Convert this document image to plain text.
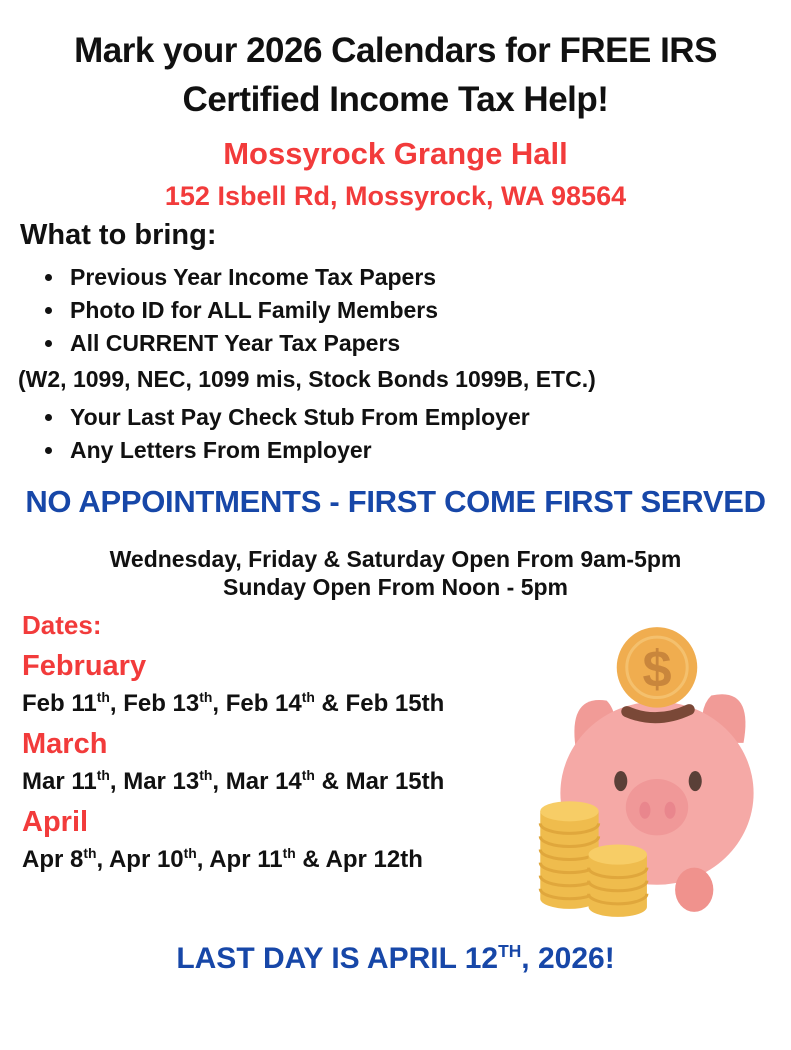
Mark your 2026 Calendars for FREE IRS
Certified Income Tax Help!
Mossyrock Grange Hall
152 Isbell Rd, Mossyrock, WA 98564
What to bring:
• Previous Year Income Tax Papers
• Photo ID for ALL Family Members
• All CURRENT Year Tax Papers
(W2, 1099, NEC, 1099 mis, Stock Bonds 1099B, ETC.)
• Your Last Pay Check Stub From Employer
• Any Letters From Employer
NO APPOINTMENTS - FIRST COME FIRST SERVED
Wednesday, Friday & Saturday Open From 9am-5pm
Sunday Open From Noon - 5pm
Dates:
February
Feb 11th, Feb 13th, Feb 14th & Feb 15th
March
Mar 11th, Mar 13th, Mar 14th & Mar 15th
April
Apr 8th, Apr 10th, Apr 11th & Apr 12th
LAST DAY IS APRIL 12TH, 2026!
$
